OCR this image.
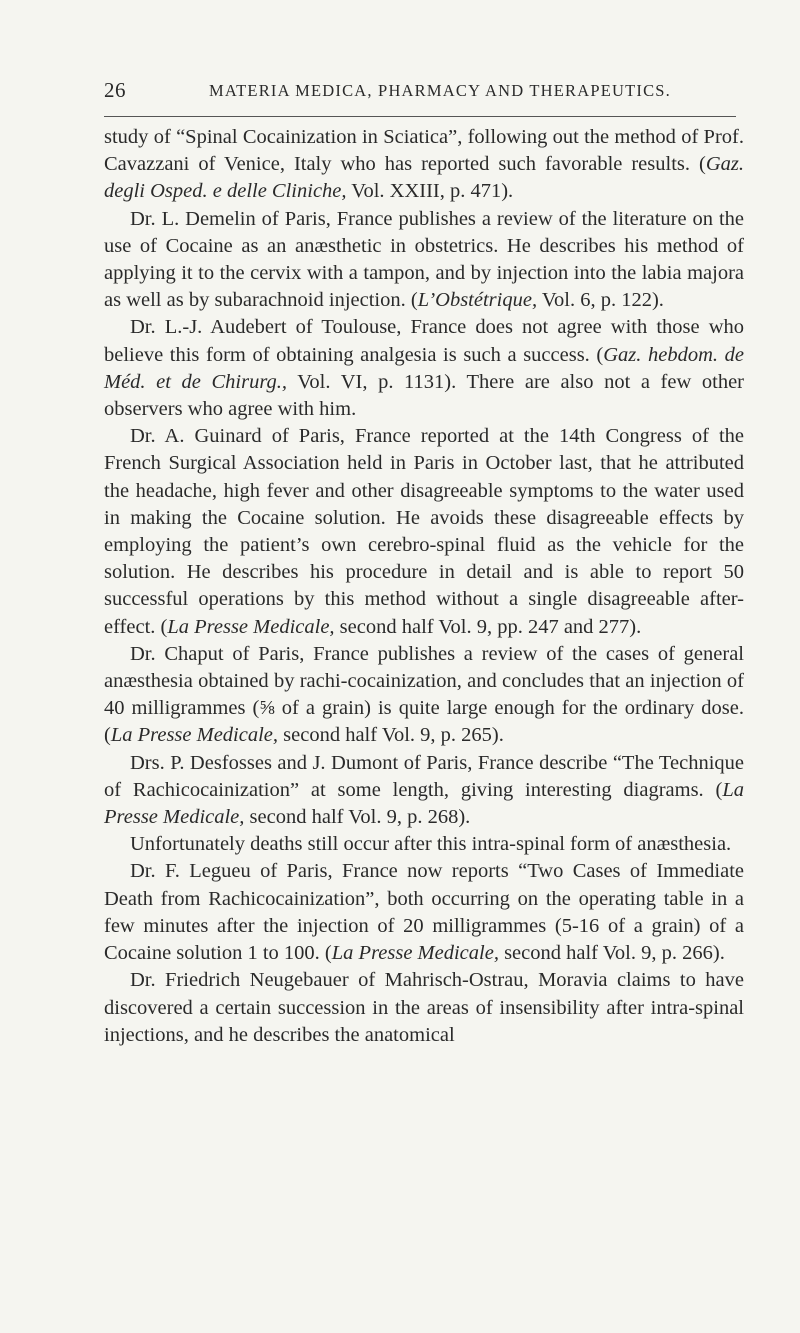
26	MATERIA MEDICA, PHARMACY AND THERAPEUTICS.

study of “Spinal Cocainization in Sciatica”, following out the method of Prof. Cavazzani of Venice, Italy who has reported such favorable results. (Gaz. degli Osped. e delle Cliniche, Vol. XXIII, p. 471).

Dr. L. Demelin of Paris, France publishes a review of the literature on the use of Cocaine as an anæsthetic in obstetrics. He describes his method of applying it to the cervix with a tampon, and by injection into the labia majora as well as by subarachnoid injection. (L’Obstétrique, Vol. 6, p. 122).

Dr. L.-J. Audebert of Toulouse, France does not agree with those who believe this form of obtaining analgesia is such a success. (Gaz. hebdom. de Méd. et de Chirurg., Vol. VI, p. 1131). There are also not a few other observers who agree with him.

Dr. A. Guinard of Paris, France reported at the 14th Congress of the French Surgical Association held in Paris in October last, that he attributed the headache, high fever and other disagreeable symptoms to the water used in making the Cocaine solution. He avoids these disagreeable effects by employing the patient’s own cerebro-spinal fluid as the vehicle for the solution. He describes his procedure in detail and is able to report 50 successful operations by this method without a single disagreeable after-effect. (La Presse Medicale, second half Vol. 9, pp. 247 and 277).

Dr. Chaput of Paris, France publishes a review of the cases of general anæsthesia obtained by rachi-cocainization, and concludes that an injection of 40 milligrammes (⅝ of a grain) is quite large enough for the ordinary dose. (La Presse Medicale, second half Vol. 9, p. 265).

Drs. P. Desfosses and J. Dumont of Paris, France describe “The Technique of Rachicocainization” at some length, giving interesting diagrams. (La Presse Medicale, second half Vol. 9, p. 268).

Unfortunately deaths still occur after this intra-spinal form of anæsthesia.

Dr. F. Legueu of Paris, France now reports “Two Cases of Immediate Death from Rachicocainization”, both occurring on the operating table in a few minutes after the injection of 20 milligrammes (5-16 of a grain) of a Cocaine solution 1 to 100. (La Presse Medicale, second half Vol. 9, p. 266).

Dr. Friedrich Neugebauer of Mahrisch-Ostrau, Moravia claims to have discovered a certain succession in the areas of insensibility after intra-spinal injections, and he describes the anatomical
